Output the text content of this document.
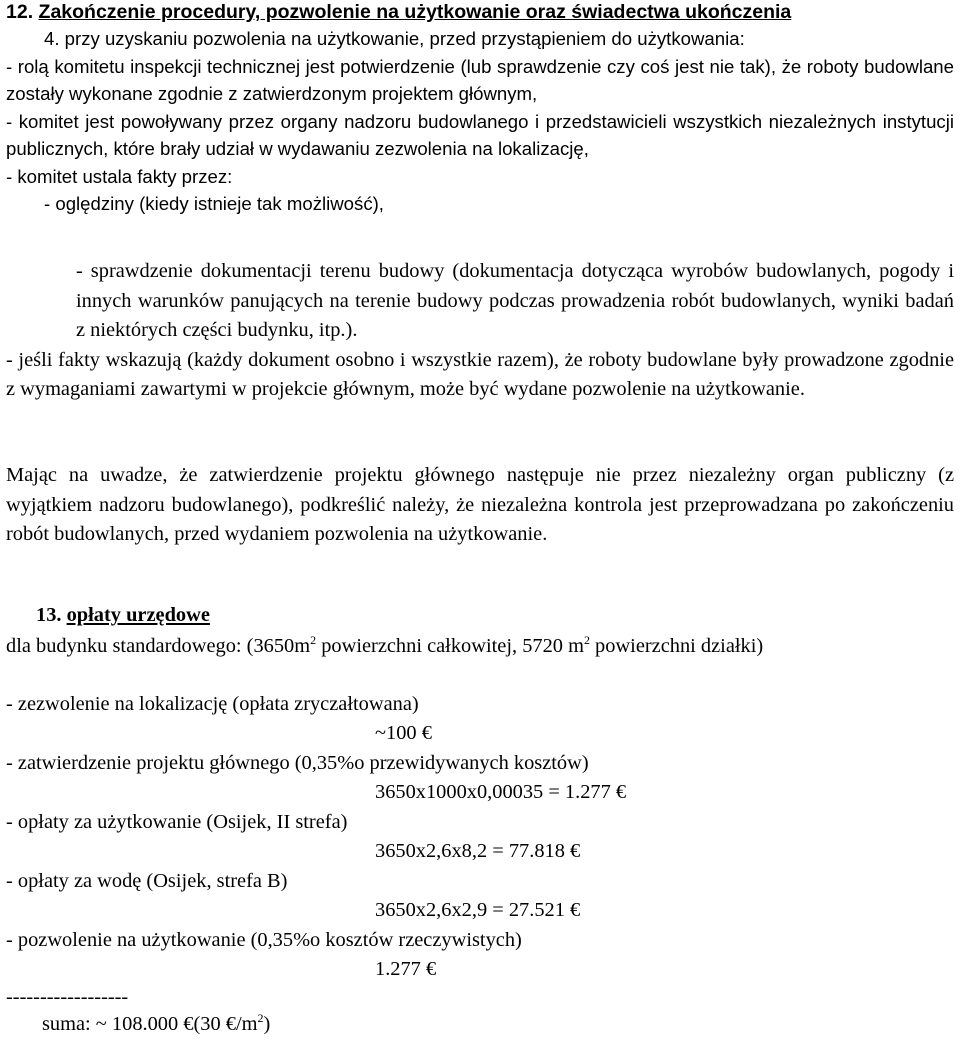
12. Zakończenie procedury, pozwolenie na użytkowanie oraz świadectwa ukończenia

4. przy uzyskaniu pozwolenia na użytkowanie, przed przystąpieniem do użytkowania:

- rolą komitetu inspekcji technicznej jest potwierdzenie (lub sprawdzenie czy coś jest nie tak), że roboty budowlane zostały wykonane zgodnie z zatwierdzonym projektem głównym,

- komitet jest powoływany przez organy nadzoru budowlanego i przedstawicieli wszystkich niezależnych instytucji publicznych, które brały udział w wydawaniu zezwolenia na lokalizację,

- komitet ustala fakty przez:

- oględziny (kiedy istnieje tak możliwość),

- sprawdzenie dokumentacji terenu budowy (dokumentacja dotycząca wyrobów budowlanych, pogody i innych warunków panujących na terenie budowy podczas prowadzenia robót budowlanych, wyniki badań z niektórych części budynku, itp.).

- jeśli fakty wskazują (każdy dokument osobno i wszystkie razem), że roboty budowlane były prowadzone zgodnie z wymaganiami zawartymi w projekcie głównym, może być wydane pozwolenie na użytkowanie.

Mając na uwadze, że zatwierdzenie projektu głównego następuje nie przez niezależny organ publiczny (z wyjątkiem nadzoru budowlanego), podkreślić należy, że niezależna kontrola jest przeprowadzana po zakończeniu robót budowlanych, przed wydaniem pozwolenia na użytkowanie.

13. opłaty urzędowe
dla budynku standardowego: ($3650m^2$ powierzchni całkowitej, 5720 $m^2$ powierzchni działki)
- zezwolenie na lokalizację (opłata zryczałtowana)
~100 €
- zatwierdzenie projektu głównego (0,35%o przewidywanych kosztów)
3650x1000x0,00035 = 1.277 €
- opłaty za użytkowanie (Osijek, II strefa)
3650x2,6x8,2 = 77.818 €
- opłaty za wodę (Osijek, strefa B)
3650x2,6x2,9 = 27.521 €
- pozwolenie na użytkowanie (0,35%o kosztów rzeczywistych)
1.277 €
------------------
suma: ~ 108.000 €(30 $€/m^2$)
